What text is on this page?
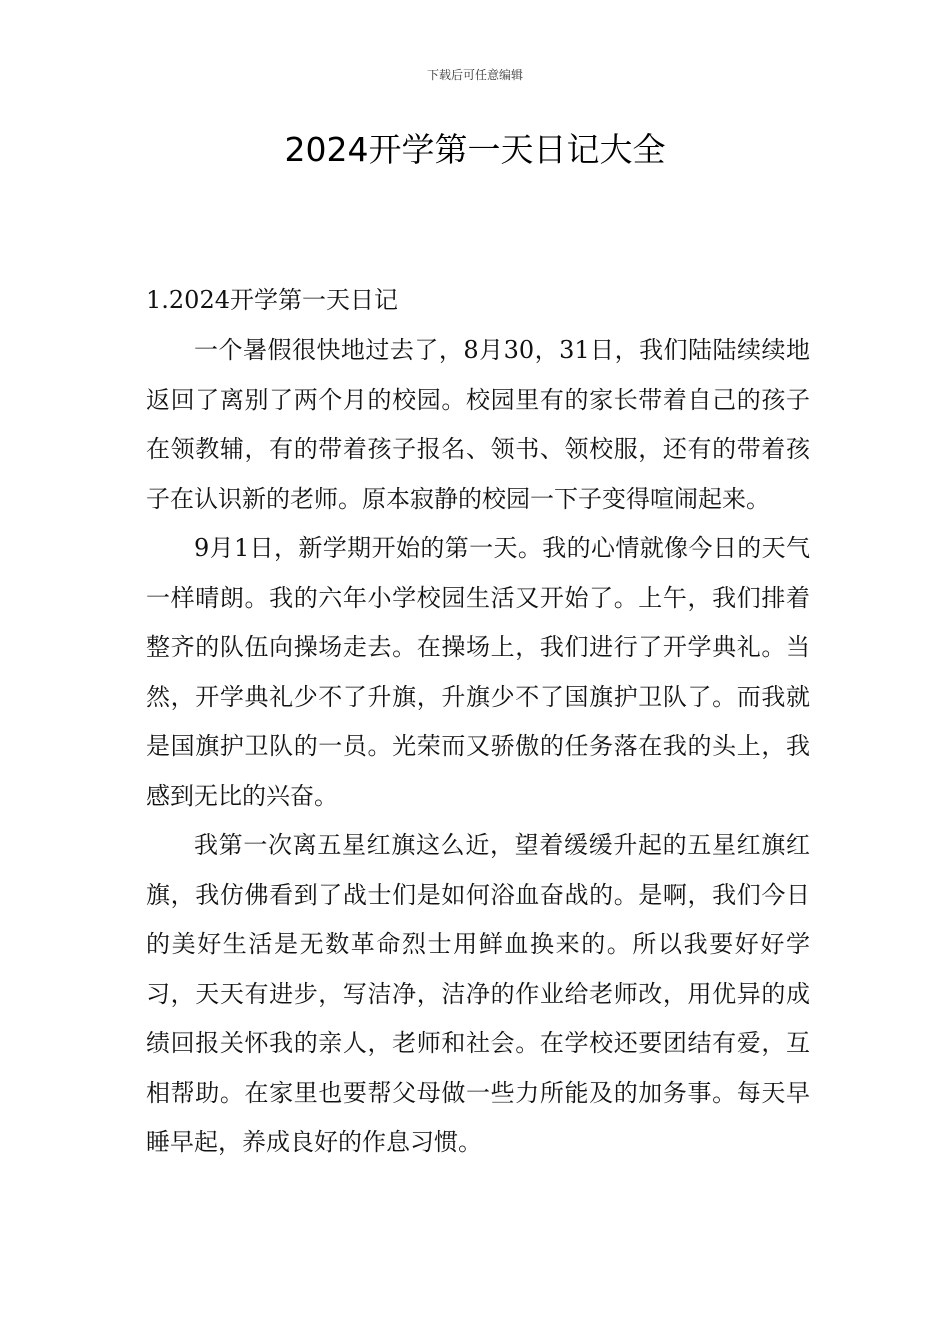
下载后可任意编辑
2024开学第一天日记大全
1.2024开学第一天日记

一个暑假很快地过去了，8月30，31日，我们陆陆续续地返回了离别了两个月的校园。校园里有的家长带着自己的孩子在领教辅，有的带着孩子报名、领书、领校服，还有的带着孩子在认识新的老师。原本寂静的校园一下子变得喧闹起来。

9月1日，新学期开始的第一天。我的心情就像今日的天气一样晴朗。我的六年小学校园生活又开始了。上午，我们排着整齐的队伍向操场走去。在操场上，我们进行了开学典礼。当然，开学典礼少不了升旗，升旗少不了国旗护卫队了。而我就是国旗护卫队的一员。光荣而又骄傲的任务落在我的头上，我感到无比的兴奋。

我第一次离五星红旗这么近，望着缓缓升起的五星红旗红旗，我仿佛看到了战士们是如何浴血奋战的。是啊，我们今日的美好生活是无数革命烈士用鲜血换来的。所以我要好好学习，天天有进步，写洁净，洁净的作业给老师改，用优异的成绩回报关怀我的亲人，老师和社会。在学校还要团结有爱，互相帮助。在家里也要帮父母做一些力所能及的加务事。每天早睡早起，养成良好的作息习惯。
